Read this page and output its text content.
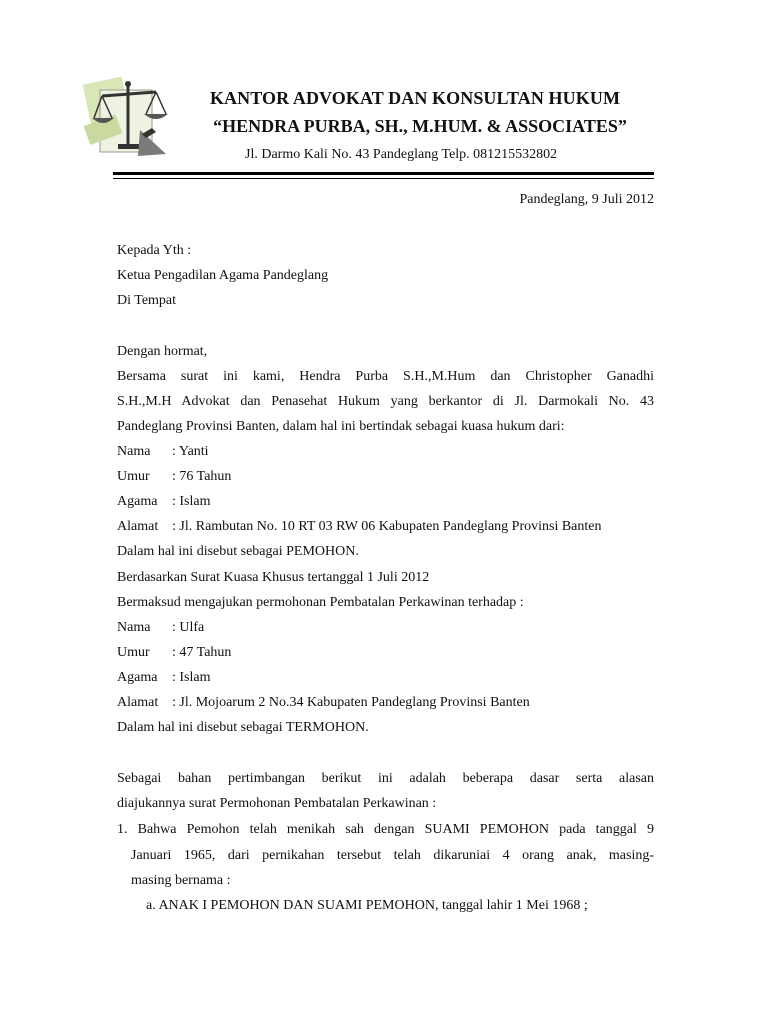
KANTOR ADVOKAT DAN KONSULTAN HUKUM
“HENDRA PURBA, SH., M.HUM. & ASSOCIATES”
Jl. Darmo Kali No. 43 Pandeglang Telp. 081215532802
Pandeglang, 9 Juli 2012
Kepada Yth :
Ketua Pengadilan Agama Pandeglang
Di Tempat
Dengan hormat,
Bersama surat ini kami, Hendra Purba S.H.,M.Hum dan Christopher Ganadhi
S.H.,M.H Advokat dan Penasehat Hukum yang berkantor di Jl. Darmokali No. 43
Pandeglang Provinsi Banten, dalam hal ini bertindak sebagai kuasa hukum dari:
Nama : Yanti
Umur : 76 Tahun
Agama : Islam
Alamat : Jl. Rambutan No. 10 RT 03 RW 06 Kabupaten Pandeglang Provinsi Banten
Dalam hal ini disebut sebagai PEMOHON.
Berdasarkan Surat Kuasa Khusus tertanggal 1 Juli 2012
Bermaksud mengajukan permohonan Pembatalan Perkawinan terhadap :
Nama : Ulfa
Umur : 47 Tahun
Agama : Islam
Alamat : Jl. Mojoarum 2 No.34 Kabupaten Pandeglang Provinsi Banten
Dalam hal ini disebut sebagai TERMOHON.
Sebagai bahan pertimbangan berikut ini adalah beberapa dasar serta alasan
diajukannya surat Permohonan Pembatalan Perkawinan :
1. Bahwa Pemohon telah menikah sah dengan SUAMI PEMOHON pada tanggal 9
Januari 1965, dari pernikahan tersebut telah dikaruniai 4 orang anak, masing-
masing bernama :
a. ANAK I PEMOHON DAN SUAMI PEMOHON, tanggal lahir 1 Mei 1968 ;
